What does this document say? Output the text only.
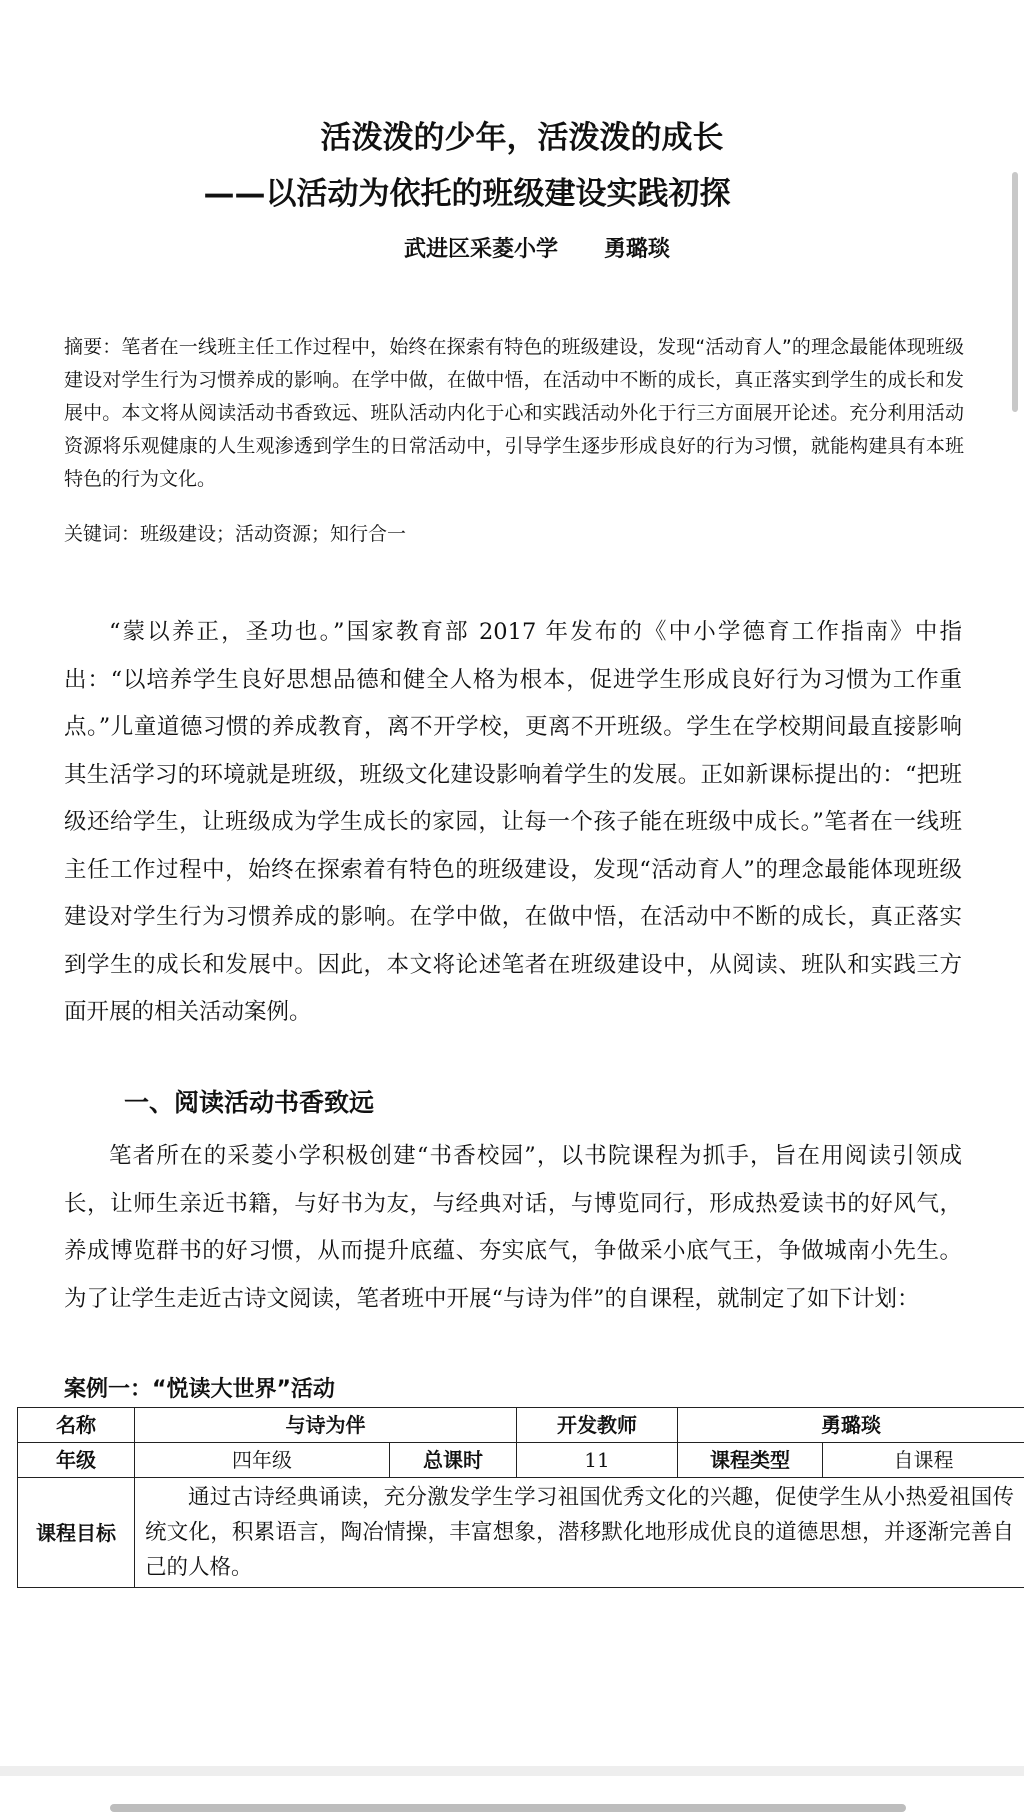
活泼泼的少年，活泼泼的成长
——以活动为依托的班级建设实践初探
武进区采菱小学      勇璐琰

摘要：笔者在一线班主任工作过程中，始终在探索有特色的班级建设，发现“活动育人”的理念最能体现班级建设对学生行为习惯养成的影响。在学中做，在做中悟，在活动中不断的成长，真正落实到学生的成长和发展中。本文将从阅读活动书香致远、班队活动内化于心和实践活动外化于行三方面展开论述。充分利用活动资源将乐观健康的人生观渗透到学生的日常活动中，引导学生逐步形成良好的行为习惯，就能构建具有本班特色的行为文化。

关键词：班级建设；活动资源；知行合一

“蒙以养正，圣功也。”国家教育部 2017 年发布的《中小学德育工作指南》中指出：“以培养学生良好思想品德和健全人格为根本，促进学生形成良好行为习惯为工作重点。”儿童道德习惯的养成教育，离不开学校，更离不开班级。学生在学校期间最直接影响其生活学习的环境就是班级，班级文化建设影响着学生的发展。正如新课标提出的：“把班级还给学生，让班级成为学生成长的家园，让每一个孩子能在班级中成长。”笔者在一线班主任工作过程中，始终在探索着有特色的班级建设，发现“活动育人”的理念最能体现班级建设对学生行为习惯养成的影响。在学中做，在做中悟，在活动中不断的成长，真正落实到学生的成长和发展中。因此，本文将论述笔者在班级建设中，从阅读、班队和实践三方面开展的相关活动案例。

一、阅读活动书香致远

笔者所在的采菱小学积极创建“书香校园”，以书院课程为抓手，旨在用阅读引领成长，让师生亲近书籍，与好书为友，与经典对话，与博览同行，形成热爱读书的好风气，养成博览群书的好习惯，从而提升底蕴、夯实底气，争做采小底气王，争做城南小先生。为了让学生走近古诗文阅读，笔者班中开展“与诗为伴”的自课程，就制定了如下计划：

案例一：“悦读大世界”活动
名称	与诗为伴		开发教师	勇璐琰	
年级	四年级	总课时	11	课程类型	自课程
课程目标	通过古诗经典诵读，充分激发学生学习祖国优秀文化的兴趣，促使学生从小热爱祖国传统文化，积累语言，陶冶情操，丰富想象，潜移默化地形成优良的道德思想，并逐渐完善自己的人格。				
